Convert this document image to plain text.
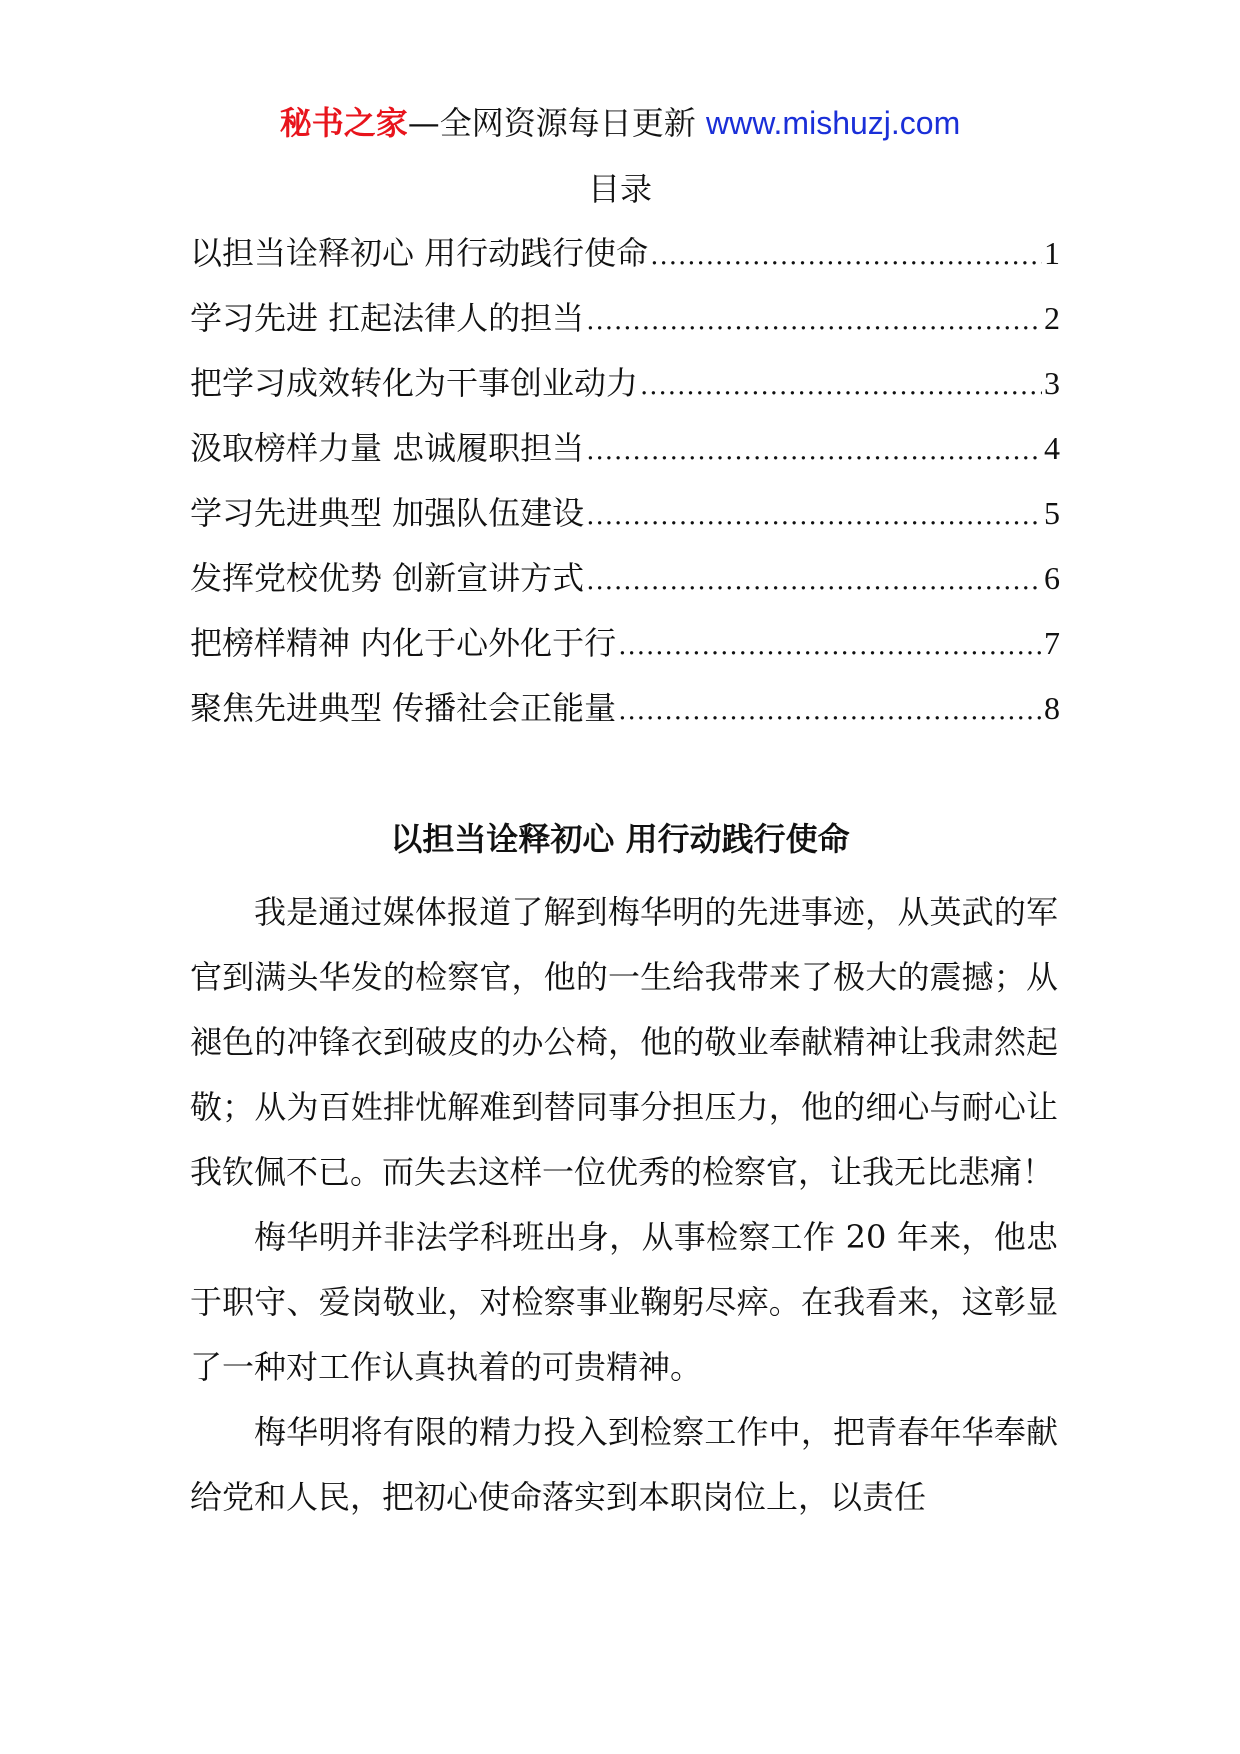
秘书之家—全网资源每日更新 www.mishuzj.com
目录
以担当诠释初心 用行动践行使命 .....	1
学习先进 扛起法律人的担当 .....	2
把学习成效转化为干事创业动力 .....	3
汲取榜样力量 忠诚履职担当 .....	4
学习先进典型 加强队伍建设 .....	5
发挥党校优势 创新宣讲方式 .....	6
把榜样精神 内化于心外化于行 .....	7
聚焦先进典型 传播社会正能量 .....	8
以担当诠释初心 用行动践行使命

我是通过媒体报道了解到梅华明的先进事迹，从英武的军官到满头华发的检察官，他的一生给我带来了极大的震撼；从褪色的冲锋衣到破皮的办公椅，他的敬业奉献精神让我肃然起敬；从为百姓排忧解难到替同事分担压力，他的细心与耐心让我钦佩不已。而失去这样一位优秀的检察官，让我无比悲痛！

梅华明并非法学科班出身，从事检察工作 20 年来，他忠于职守、爱岗敬业，对检察事业鞠躬尽瘁。在我看来，这彰显了一种对工作认真执着的可贵精神。

梅华明将有限的精力投入到检察工作中，把青春年华奉献给党和人民，把初心使命落实到本职岗位上，以责任
